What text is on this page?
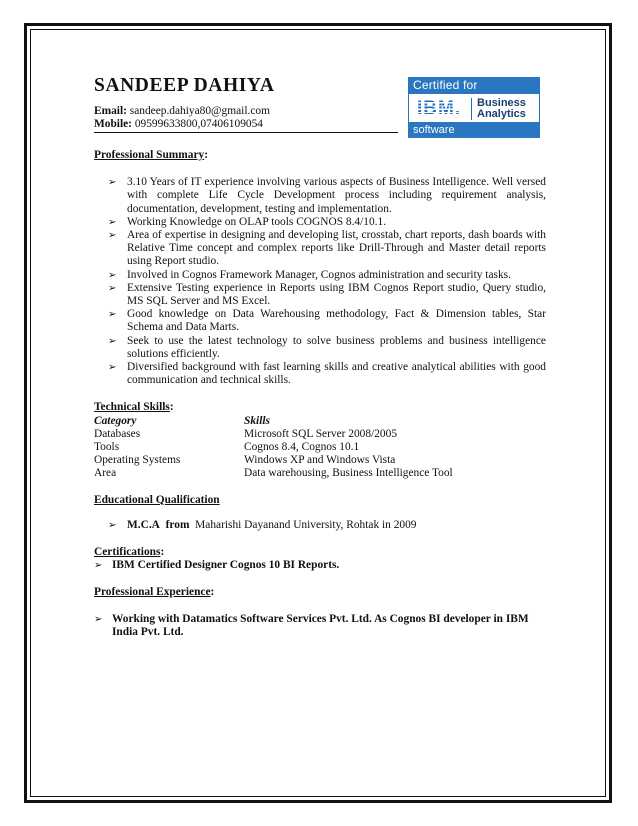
Certified for
IBM. Business
Analytics
software
SANDEEP DAHIYA
Email: sandeep.dahiya80@gmail.com
Mobile: 09599633800,07406109054
Professional Summary:
➢ 3.10 Years of IT experience involving various aspects of Business Intelligence. Well versed with complete Life Cycle Development process including requirement analysis, documentation, development, testing and implementation.
➢ Working Knowledge on OLAP tools COGNOS 8.4/10.1.
➢ Area of expertise in designing and developing list, crosstab, chart reports, dash boards with Relative Time concept and complex reports like Drill-Through and Master detail reports using Report studio.
➢ Involved in Cognos Framework Manager, Cognos administration and security tasks.
➢ Extensive Testing experience in Reports using IBM Cognos Report studio, Query studio, MS SQL Server and MS Excel.
➢ Good knowledge on Data Warehousing methodology, Fact & Dimension tables, Star Schema and Data Marts.
➢ Seek to use the latest technology to solve business problems and business intelligence solutions efficiently.
➢ Diversified background with fast learning skills and creative analytical abilities with good communication and technical skills.
Technical Skills:
Category	Skills
Databases	Microsoft SQL Server 2008/2005
Tools	Cognos 8.4, Cognos 10.1
Operating Systems	Windows XP and Windows Vista
Area	Data warehousing, Business Intelligence Tool
Educational Qualification
➢ M.C.A from Maharishi Dayanand University, Rohtak in 2009
Certifications:
➢ IBM Certified Designer Cognos 10 BI Reports.
Professional Experience:
➢ Working with Datamatics Software Services Pvt. Ltd. As Cognos BI developer in IBM India Pvt. Ltd.
